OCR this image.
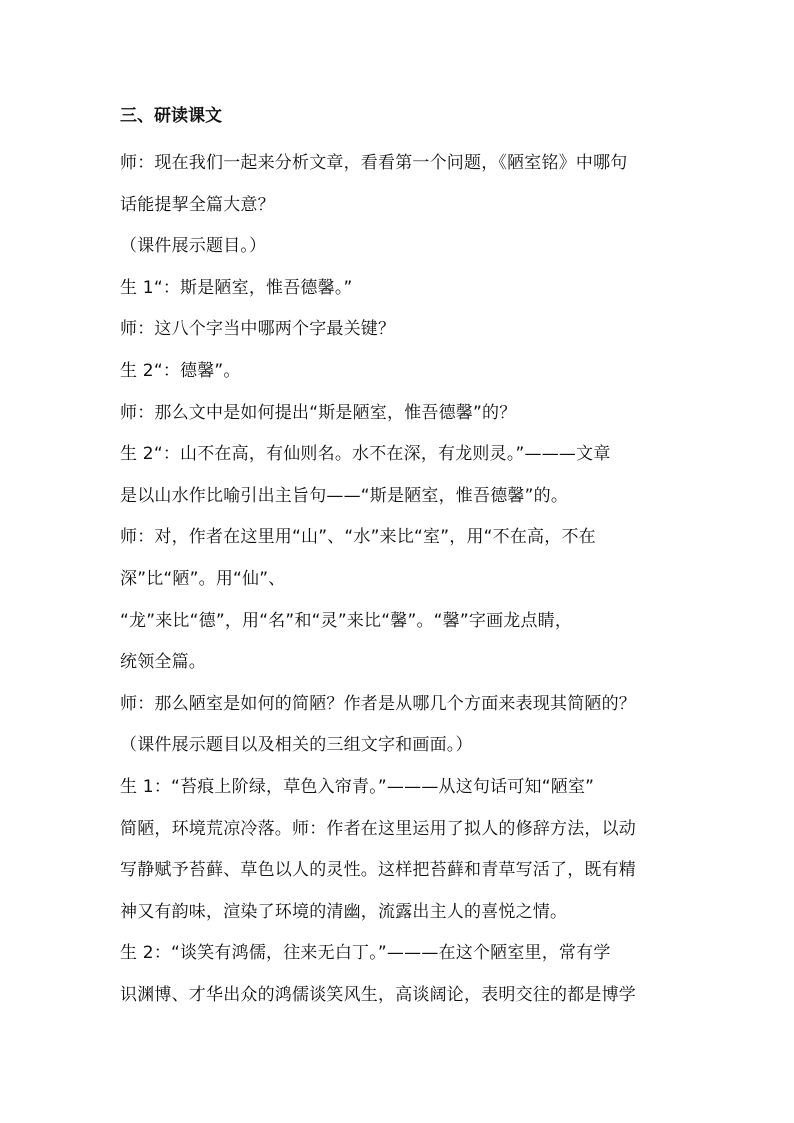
三、研读课文
师：现在我们一起来分析文章，看看第一个问题，《陋室铭》中哪句
话能提挈全篇大意？
（课件展示题目。）
生 1“：斯是陋室，惟吾德馨。”
师：这八个字当中哪两个字最关键？
生 2“：德馨”。
师：那么文中是如何提出“斯是陋室，惟吾德馨”的？
生 2“：山不在高，有仙则名。水不在深，有龙则灵。”———文章
是以山水作比喻引出主旨句——“斯是陋室，惟吾德馨”的。
师：对，作者在这里用“山”、“水”来比“室”，用“不在高，不在
深”比“陋”。用“仙”、
“龙”来比“德”，用“名”和“灵”来比“馨”。“馨”字画龙点睛，
统领全篇。
师：那么陋室是如何的简陋？作者是从哪几个方面来表现其简陋的？
（课件展示题目以及相关的三组文字和画面。）
生 1：“苔痕上阶绿，草色入帘青。”———从这句话可知“陋室”
简陋，环境荒凉冷落。师：作者在这里运用了拟人的修辞方法，以动
写静赋予苔藓、草色以人的灵性。这样把苔藓和青草写活了，既有精
神又有韵味，渲染了环境的清幽，流露出主人的喜悦之情。
生 2：“谈笑有鸿儒，往来无白丁。”———在这个陋室里，常有学
识渊博、才华出众的鸿儒谈笑风生，高谈阔论，表明交往的都是博学
